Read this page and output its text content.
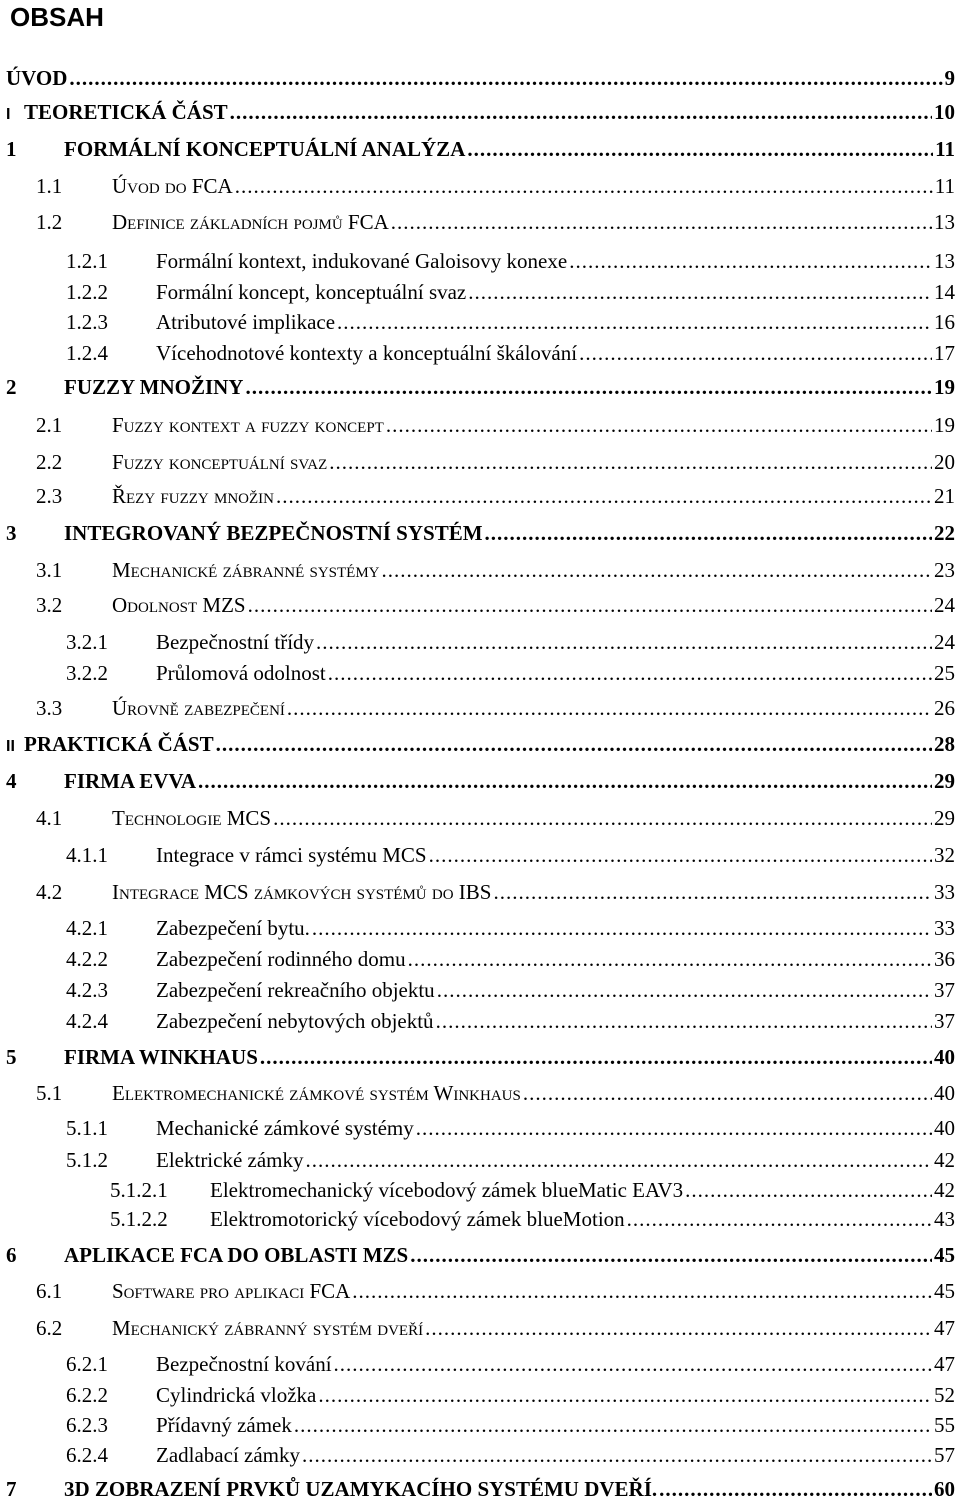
OBSAH
ÚVOD .....	9
I TEORETICKÁ ČÁST .....	10
1	FORMÁLNÍ KONCEPTUÁLNÍ ANALÝZA .....	11
1.1	Úvod do FCA .....	11
1.2	Definice základních pojmů FCA .....	13
1.2.1	Formální kontext, indukované Galoisovy konexe .....	13
1.2.2	Formální koncept, konceptuální svaz .....	14
1.2.3	Atributové implikace .....	16
1.2.4	Vícehodnotové kontexty a konceptuální škálování .....	17
2	FUZZY MNOŽINY .....	19
2.1	Fuzzy kontext a fuzzy koncept .....	19
2.2	Fuzzy konceptuální svaz .....	20
2.3	Řezy fuzzy množin .....	21
3	INTEGROVANÝ BEZPEČNOSTNÍ SYSTÉM .....	22
3.1	Mechanické zábranné systémy .....	23
3.2	Odolnost MZS .....	24
3.2.1	Bezpečnostní třídy .....	24
3.2.2	Průlomová odolnost .....	25
3.3	Úrovně zabezpečení .....	26
II PRAKTICKÁ ČÁST .....	28
4	FIRMA EVVA .....	29
4.1	Technologie MCS .....	29
4.1.1	Integrace v rámci systému MCS .....	32
4.2	Integrace MCS zámkových systémů do IBS .....	33
4.2.1	Zabezpečení bytu. .....	33
4.2.2	Zabezpečení rodinného domu .....	36
4.2.3	Zabezpečení rekreačního objektu .....	37
4.2.4	Zabezpečení nebytových objektů .....	37
5	FIRMA WINKHAUS .....	40
5.1	Elektromechanické zámkové systém Winkhaus .....	40
5.1.1	Mechanické zámkové systémy .....	40
5.1.2	Elektrické zámky .....	42
5.1.2.1	Elektromechanický vícebodový zámek blueMatic EAV3 .....	42
5.1.2.2	Elektromotorický vícebodový zámek blueMotion .....	43
6	APLIKACE FCA DO OBLASTI MZS .....	45
6.1	Software pro aplikaci FCA .....	45
6.2	Mechanický zábranný systém dveří .....	47
6.2.1	Bezpečnostní kování .....	47
6.2.2	Cylindrická vložka .....	52
6.2.3	Přídavný zámek .....	55
6.2.4	Zadlabací zámky .....	57
7	3D ZOBRAZENÍ PRVKŮ UZAMYKACÍHO SYSTÉMU DVEŘÍ. .....	60
